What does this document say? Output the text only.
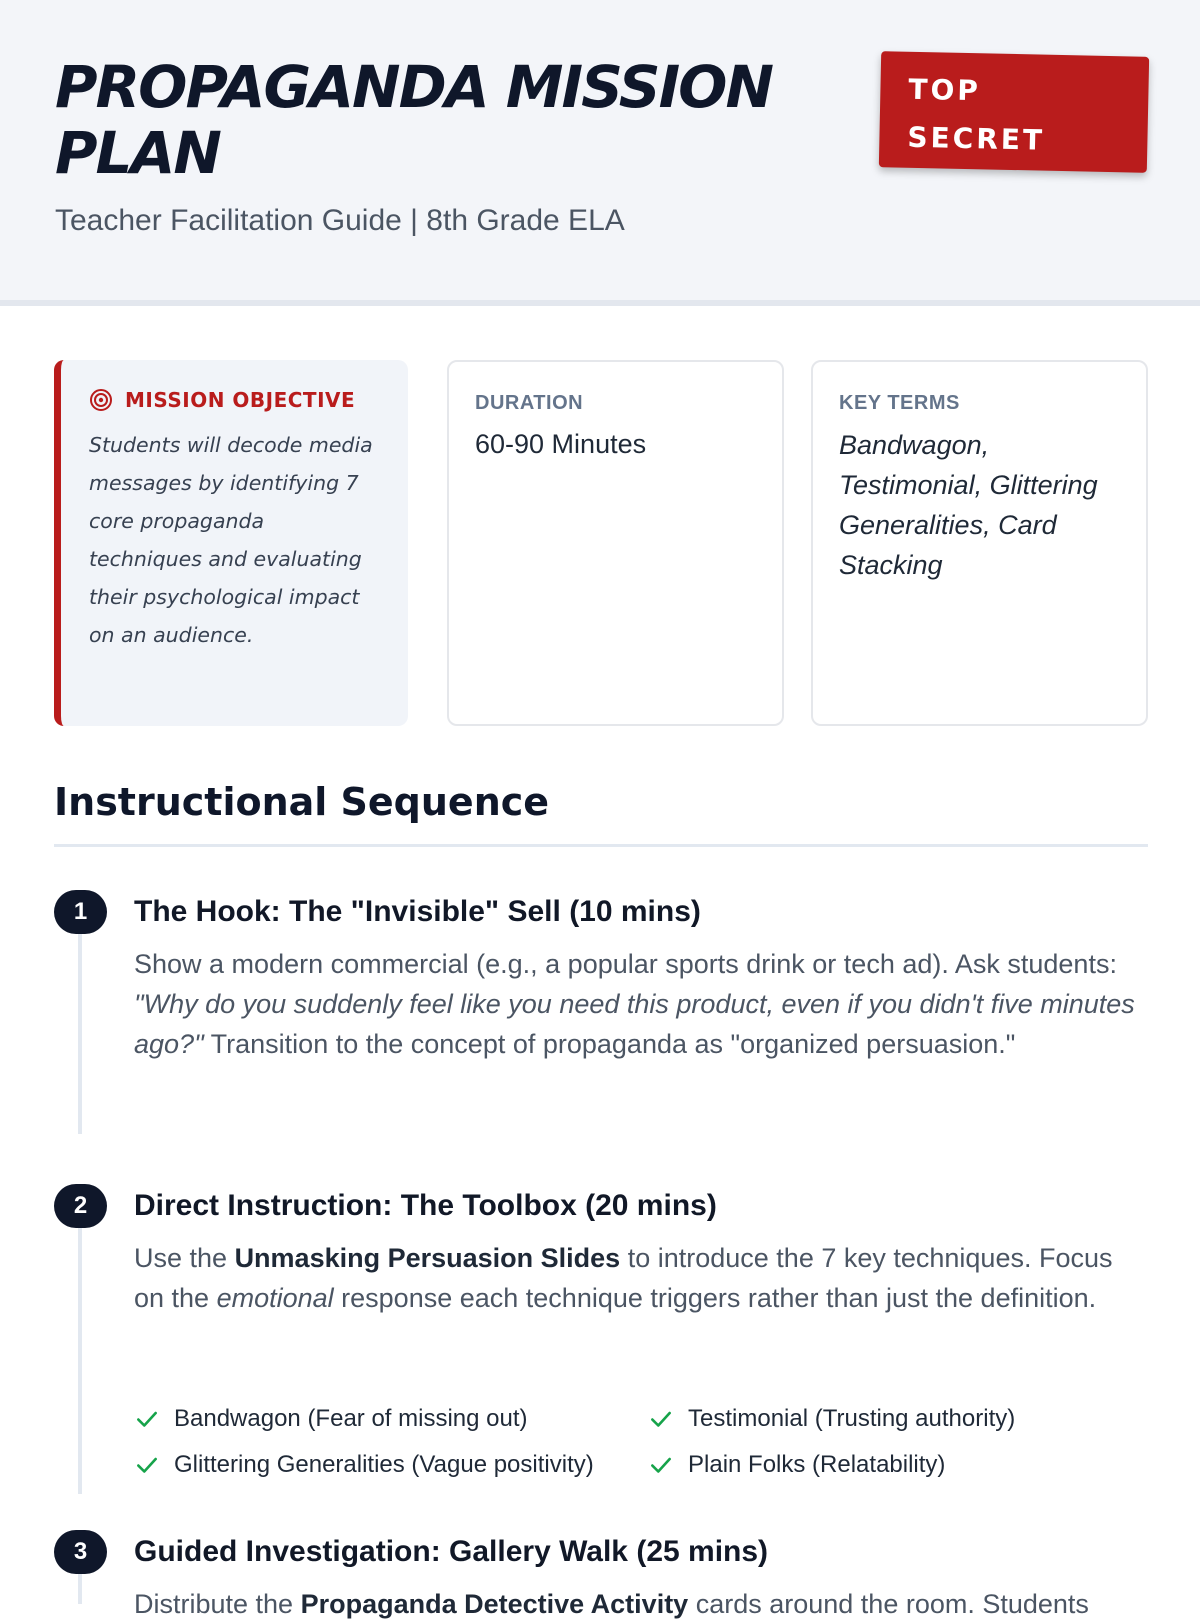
PROPAGANDA MISSION PLAN
Teacher Facilitation Guide | 8th Grade ELA
TOP
SECRET
MISSION OBJECTIVE
Students will decode media messages by identifying 7 core propaganda techniques and evaluating their psychological impact on an audience.
DURATION
60-90 Minutes
KEY TERMS
Bandwagon, Testimonial, Glittering Generalities, Card Stacking
Instructional Sequence
1	The Hook: The "Invisible" Sell (10 mins)
Show a modern commercial (e.g., a popular sports drink or tech ad). Ask students: "Why do you suddenly feel like you need this product, even if you didn't five minutes ago?" Transition to the concept of propaganda as "organized persuasion."
2	Direct Instruction: The Toolbox (20 mins)
Use the Unmasking Persuasion Slides to introduce the 7 key techniques. Focus on the emotional response each technique triggers rather than just the definition.
Bandwagon (Fear of missing out)	Testimonial (Trusting authority)
Glittering Generalities (Vague positivity)	Plain Folks (Relatability)
3	Guided Investigation: Gallery Walk (25 mins)
Distribute the Propaganda Detective Activity cards around the room. Students
